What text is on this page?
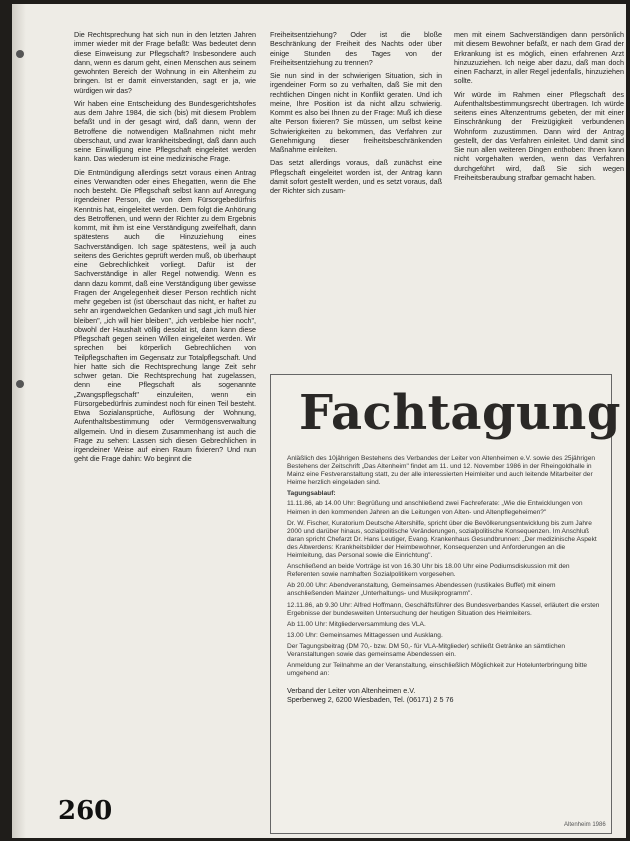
Die Rechtsprechung hat sich nun in den letzten Jahren immer wieder mit der Frage befaßt: Was bedeutet denn diese Einweisung zur Pflegschaft? Insbesondere auch dann, wenn es darum geht, einen Menschen aus seinem gewohnten Bereich der Wohnung in ein Altenheim zu bringen. Ist er damit einverstanden, sagt er ja, wie würdigen wir das?

Wir haben eine Entscheidung des Bundesgerichtshofes aus dem Jahre 1984, die sich (bis) mit diesem Problem befaßt und in der gesagt wird, daß dann, wenn der Betroffene die notwendigen Maßnahmen nicht mehr überschaut, und zwar krankheitsbedingt, daß dann auch seine Einwilligung eine Pflegschaft eingeleitet werden kann. Das wiederum ist eine medizinische Frage.

Die Entmündigung allerdings setzt voraus einen Antrag eines Verwandten oder eines Ehegatten, wenn die Ehe noch besteht. Die Pflegschaft selbst kann auf Anregung irgendeiner Person, die von dem Fürsorgebedürfnis Kenntnis hat, eingeleitet werden. Dem folgt die Anhörung des Betroffenen, und wenn der Richter zu dem Ergebnis kommt, mit ihm ist eine Verständigung zweifelhaft, dann spätestens auch die Hinzuziehung eines Sachverständigen. Ich sage spätestens, weil ja auch seitens des Gerichtes geprüft werden muß, ob überhaupt eine Gebrechlichkeit vorliegt. Dafür ist der Sachverständige in aller Regel notwendig. Wenn es dann dazu kommt, daß eine Verständigung über gewisse Fragen der Angelegenheit dieser Person rechtlich nicht mehr gegeben ist (ist überschaut das nicht, er haftet zu sehr an irgendwelchen Gedanken und sagt „ich muß hier bleiben", „ich will hier bleiben", „ich verbleibe hier noch", obwohl der Haushalt völlig desolat ist, dann kann diese Pflegschaft gegen seinen Willen eingeleitet werden. Wir sprechen bei körperlich Gebrechlichen von Teilpflegschaften im Gegensatz zur Totalpflegschaft. Und hier hatte sich die Rechtsprechung lange Zeit sehr schwer getan. Die Rechtsprechung hat zugelassen, denn eine Pflegschaft als sogenannte „Zwangspflegschaft" einzuleiten, wenn ein Fürsorgebedürfnis zumindest noch für einen Teil besteht. Etwa Sozialansprüche, Auflösung der Wohnung, Aufenthaltsbestimmung oder Vermögensverwaltung allgemein. Und in diesem Zusammenhang ist auch die Frage zu sehen: Lassen sich diesen Gebrechlichen in irgendeiner Weise auf einen Raum fixieren? Und nun geht die Frage dahin: Wo beginnt die

Freiheitsentziehung? Oder ist die bloße Beschränkung der Freiheit des Nachts oder über einige Stunden des Tages von der Freiheitsentziehung zu trennen?

Sie nun sind in der schwierigen Situation, sich in irgendeiner Form so zu verhalten, daß Sie mit den rechtlichen Dingen nicht in Konflikt geraten. Und ich meine, Ihre Position ist da nicht allzu schwierig. Kommt es also bei Ihnen zu der Frage: Muß ich diese alte Person fixieren? Sie müssen, um selbst keine Schwierigkeiten zu bekommen, das Verfahren zur Genehmigung dieser freiheitsbeschränkenden Maßnahme einleiten.

Das setzt allerdings voraus, daß zunächst eine Pflegschaft eingeleitet worden ist, der Antrag kann damit sofort gestellt werden, und es setzt voraus, daß der Richter sich zusam-

men mit einem Sachverständigen dann persönlich mit diesem Bewohner befaßt, er nach dem Grad der Erkrankung ist es möglich, einen erfahrenen Arzt hinzuzuziehen. Ich neige aber dazu, daß man doch einen Facharzt, in aller Regel jedenfalls, hinzuziehen sollte.

Wir würde im Rahmen einer Pflegschaft des Aufenthaltsbestimmungsrecht übertragen. Ich würde seitens eines Altenzentrums gebeten, der mit einer Einschränkung der Freizügigkeit verbundenen Wohnform zuzustimmen. Dann wird der Antrag gestellt, der das Verfahren einleitet. Und damit sind Sie nun allen weiteren Dingen enthoben: Ihnen kann nicht vorgehalten werden, wenn das Verfahren durchgeführt wird, daß Sie sich wegen Freiheitsberaubung strafbar gemacht haben.

Fachtagung

Anläßlich des 10jährigen Bestehens des Verbandes der Leiter von Altenheimen e.V. sowie des 25jährigen Bestehens der Zeitschrift „Das Altenheim" findet am 11. und 12. November 1986 in der Rheingoldhalle in Mainz eine Festveranstaltung statt, zu der alle interessierten Heimleiter und auch leitende Mitarbeiter der Heime herzlich eingeladen sind.

Tagungsablauf:

11.11.86, ab 14.00 Uhr: Begrüßung und anschließend zwei Fachreferate: „Wie die Entwicklungen von Heimen in den kommenden Jahren an die Leitungen von Alten- und Altenpflegeheimen?"

Dr. W. Fischer, Kuratorium Deutsche Altershilfe, spricht über die Bevölkerungsentwicklung bis zum Jahre 2000 und darüber hinaus, sozialpolitische Veränderungen, sozialpolitische Konsequenzen. Im Anschluß daran spricht Chefarzt Dr. Hans Leutiger, Evang. Krankenhaus Gesundbrunnen: „Der medizinische Aspekt des Altwerdens: Krankheitsbilder der Heimbewohner, Konsequenzen und Anforderungen an die Heimleitung, das Personal sowie die Einrichtung".

Anschließend an beide Vorträge ist von 16.30 Uhr bis 18.00 Uhr eine Podiumsdiskussion mit den Referenten sowie namhaften Sozialpolitikern vorgesehen.

Ab 20.00 Uhr: Abendveranstaltung, Gemeinsames Abendessen (rustikales Buffet) mit einem anschließenden Mainzer „Unterhaltungs- und Musikprogramm".

12.11.86, ab 9.30 Uhr: Alfred Hoffmann, Geschäftsführer des Bundesverbandes Kassel, erläutert die ersten Ergebnisse der bundesweiten Untersuchung der heutigen Situation des Heimleiters.

Ab 11.00 Uhr: Mitgliederversammlung des VLA.

13.00 Uhr: Gemeinsames Mittagessen und Ausklang.

Der Tagungsbeitrag (DM 70,- bzw. DM 50,- für VLA-Mitglieder) schließt Getränke an sämtlichen Veranstaltungen sowie das gemeinsame Abendessen ein.

Anmeldung zur Teilnahme an der Veranstaltung, einschließlich Möglichkeit zur Hotelunterbringung bitte umgehend an:

Verband der Leiter von Altenheimen e.V.
Sperberweg 2, 6200 Wiesbaden, Tel. (06171) 2 5 76
260	Altenheim 1986
